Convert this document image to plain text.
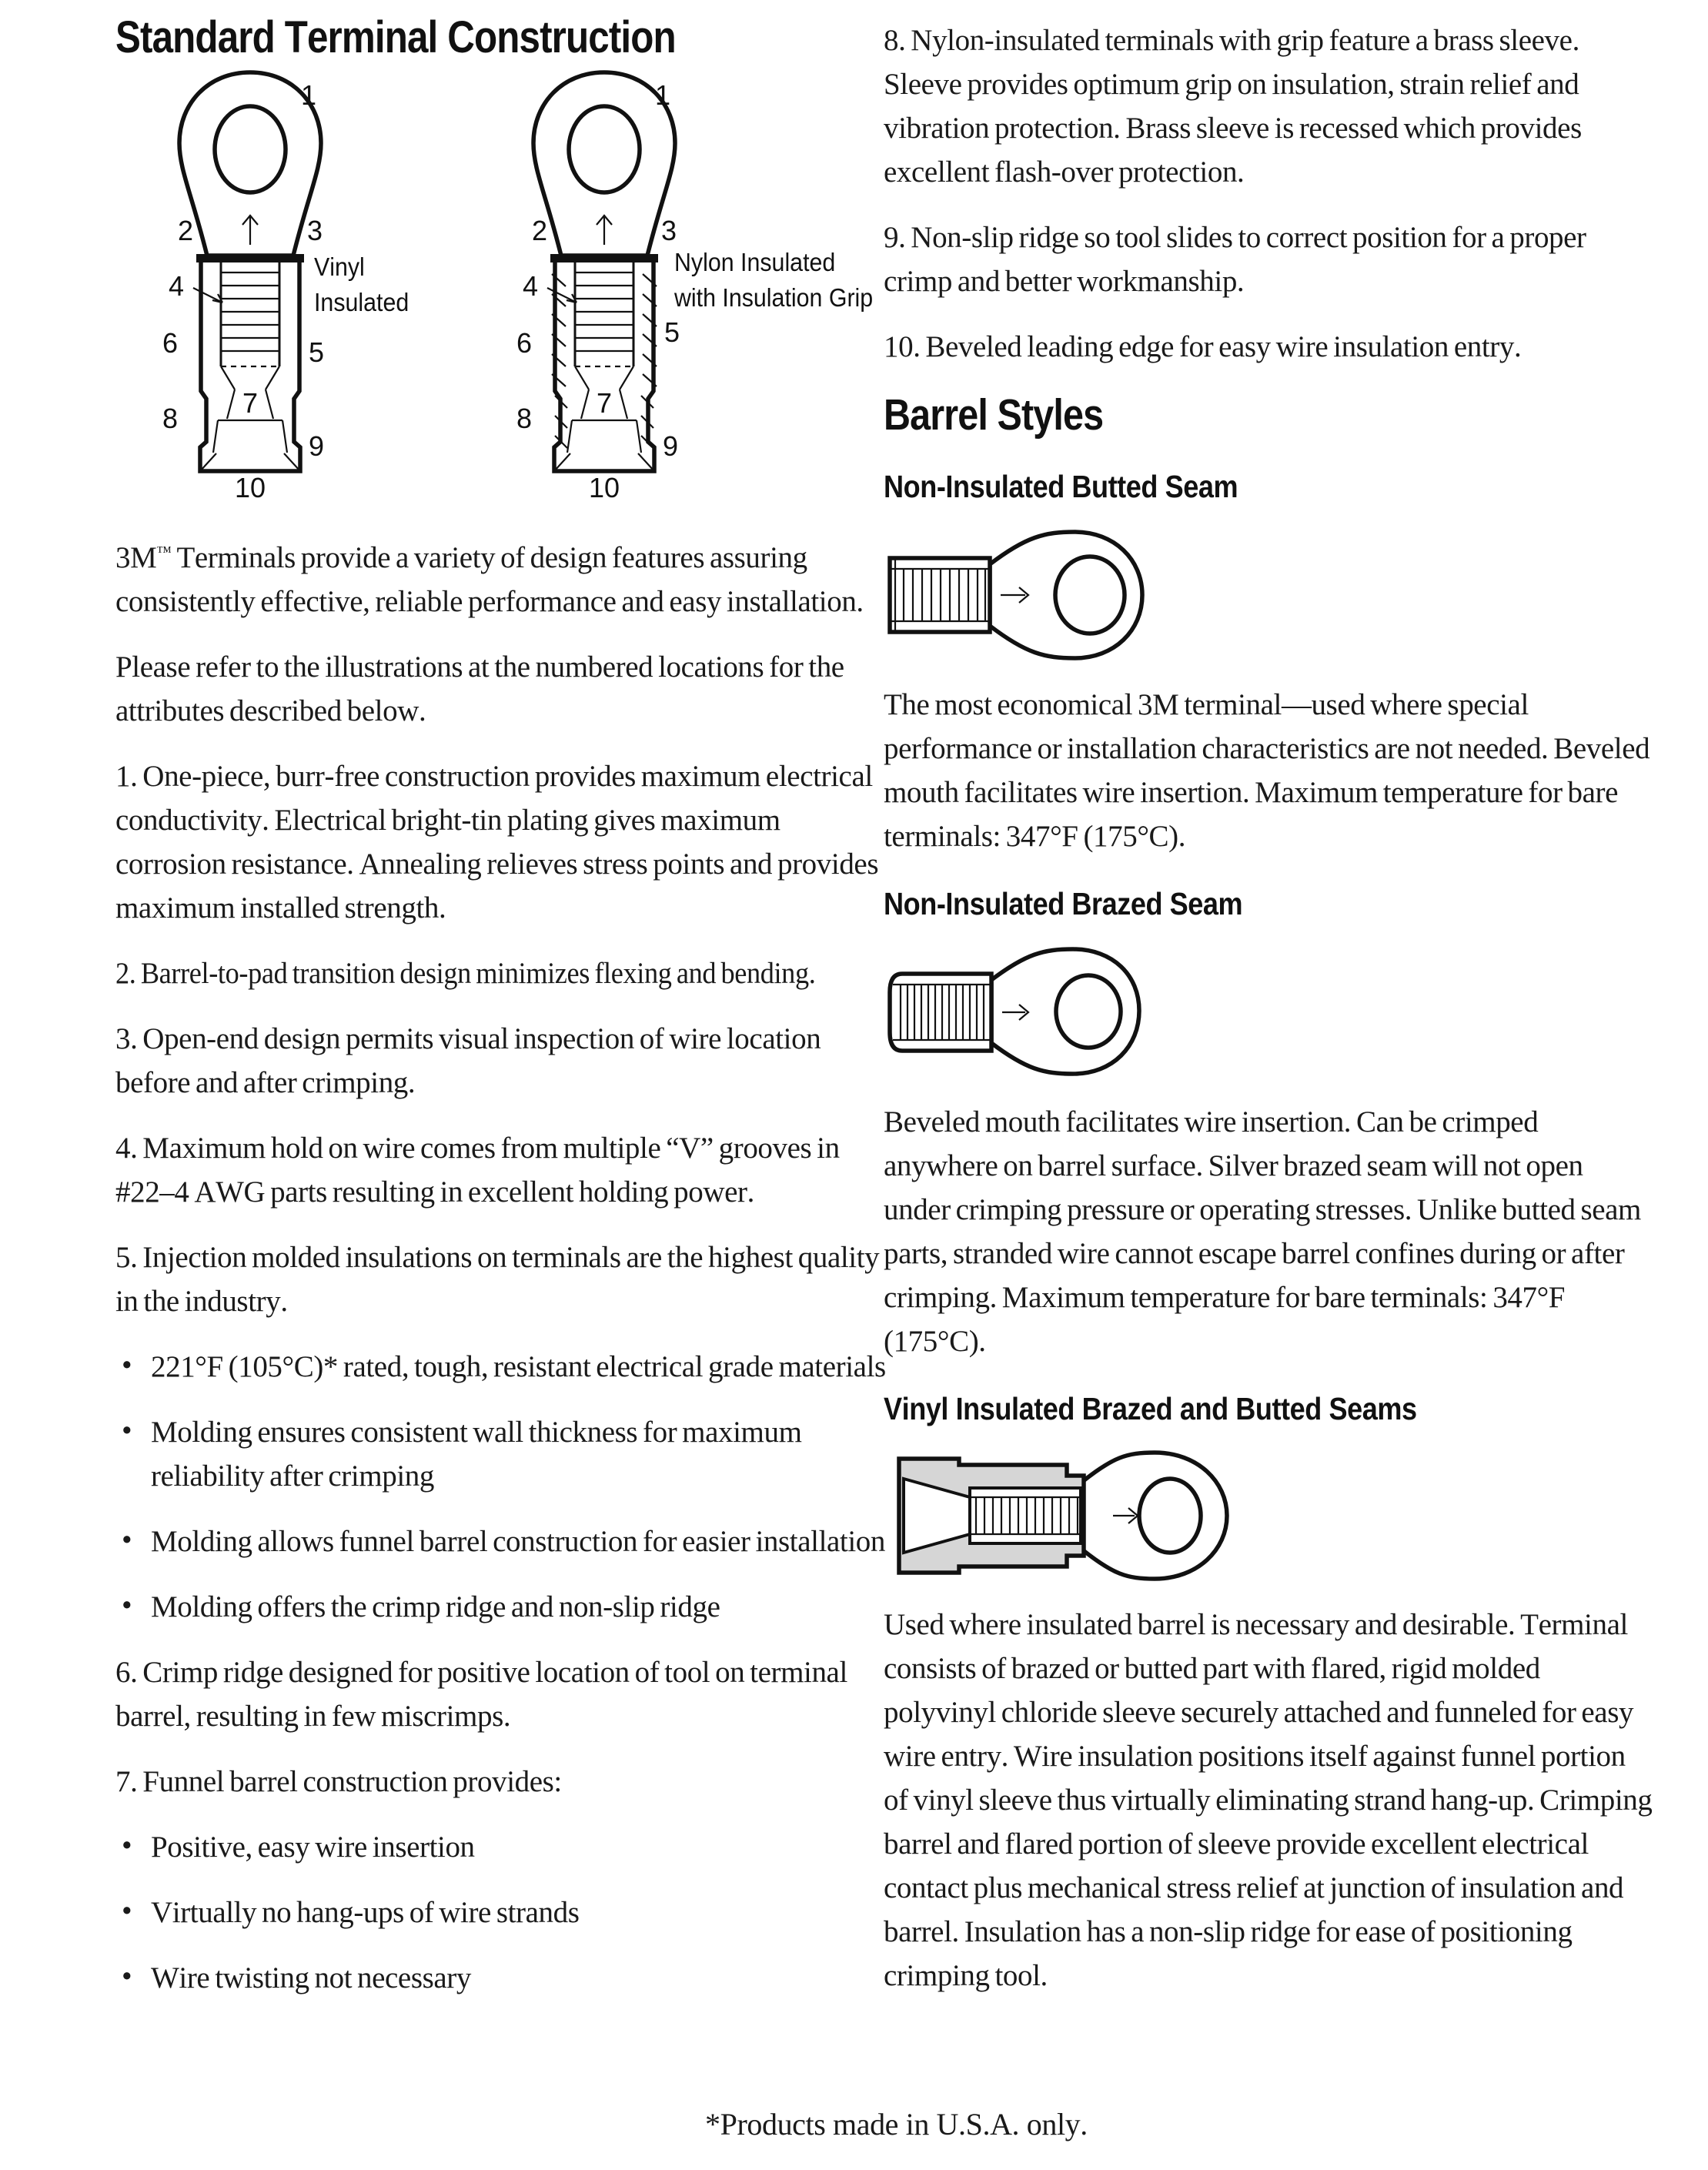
Standard Terminal Construction
1
2	3
4
6	5
7
8
9
10
1
2	3
4
6	5
7
8
9
10
Vinyl
Insulated
Nylon Insulated
with Insulation Grip

3M™ Terminals provide a variety of design features assuring consistently effective, reliable performance and easy installation.

Please refer to the illustrations at the numbered locations for the attributes described below.

1. One-piece, burr-free construction provides maximum electrical conductivity. Electrical bright-tin plating gives maximum corrosion resistance. Annealing relieves stress points and provides maximum installed strength.

2. Barrel-to-pad transition design minimizes flexing and bending.

3. Open-end design permits visual inspection of wire location before and after crimping.

4. Maximum hold on wire comes from multiple “V” grooves in #22–4 AWG parts resulting in excellent holding power.

5. Injection molded insulations on terminals are the highest quality in the industry.

• 221°F (105°C)* rated, tough, resistant electrical grade materials
• Molding ensures consistent wall thickness for maximum reliability after crimping
• Molding allows funnel barrel construction for easier installation
• Molding offers the crimp ridge and non-slip ridge

6. Crimp ridge designed for positive location of tool on terminal barrel, resulting in few miscrimps.

7. Funnel barrel construction provides:

• Positive, easy wire insertion
• Virtually no hang-ups of wire strands
• Wire twisting not necessary

8. Nylon-insulated terminals with grip feature a brass sleeve. Sleeve provides optimum grip on insulation, strain relief and vibration protection. Brass sleeve is recessed which provides excellent flash-over protection.

9. Non-slip ridge so tool slides to correct position for a proper crimp and better workmanship.

10. Beveled leading edge for easy wire insulation entry.

Barrel Styles
Non-Insulated Butted Seam

The most economical 3M terminal—used where special performance or installation characteristics are not needed. Beveled mouth facilitates wire insertion. Maximum temperature for bare terminals: 347°F (175°C).

Non-Insulated Brazed Seam

Beveled mouth facilitates wire insertion. Can be crimped anywhere on barrel surface. Silver brazed seam will not open under crimping pressure or operating stresses. Unlike butted seam parts, stranded wire cannot escape barrel confines during or after crimping. Maximum temperature for bare terminals: 347°F (175°C).

Vinyl Insulated Brazed and Butted Seams

Used where insulated barrel is necessary and desirable. Terminal consists of brazed or butted part with flared, rigid molded polyvinyl chloride sleeve securely attached and funneled for easy wire entry. Wire insulation positions itself against funnel portion of vinyl sleeve thus virtually eliminating strand hang-up. Crimping barrel and flared portion of sleeve provide excellent electrical contact plus mechanical stress relief at junction of insulation and barrel. Insulation has a non-slip ridge for ease of positioning crimping tool.

*Products made in U.S.A. only.
